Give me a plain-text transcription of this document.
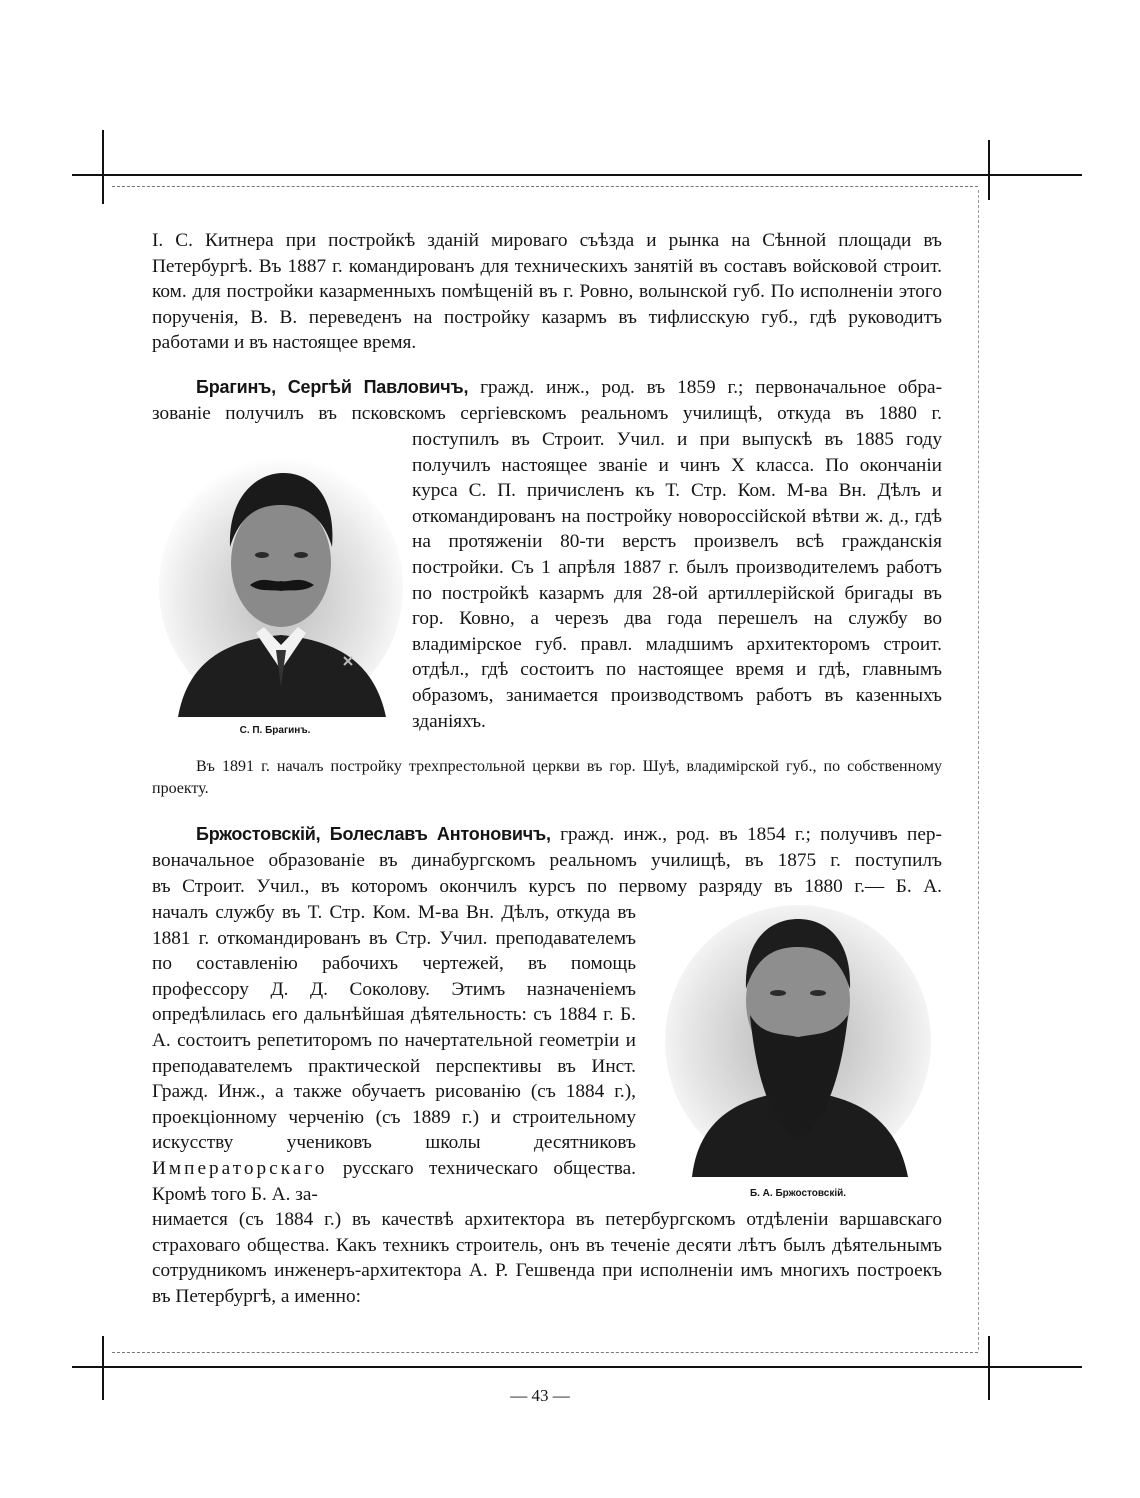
І. С. Китнера при постройкѣ зданій мировaго съѣзда и рынка на Сѣнной площади въ Петербургѣ. Въ 1887 г. командированъ для техническихъ занятій въ составъ войсковой строит. ком. для постройки казарменныхъ помѣщеній въ г. Ровно, волынской губ. По исполненіи этого порученія, В. В. переведенъ на постройку казармъ въ тифлисскую губ., гдѣ руководитъ работами и въ настоящее время.

Брагинъ, Сергѣй Павловичъ, гражд. инж., род. въ 1859 г.; первоначальное обра-
зованіе получилъ въ псковскомъ сергіевскомъ реальномъ училищѣ, откуда въ 1880 г.
С. П. Брагинъ.

поступилъ въ Строит. Учил. и при выпускѣ въ 1885 году получилъ настоящее званіе и чинъ X класса. По окончаніи курса С. П. причисленъ къ Т. Стр. Ком. М-ва Вн. Дѣлъ и откомандированъ на постройку новороссійской вѣтви ж. д., гдѣ на протяженіи 80-ти верстъ произвелъ всѣ гражданскія постройки. Съ 1 апрѣля 1887 г. былъ производителемъ работъ по постройкѣ казармъ для 28-ой артиллерійской бригады въ гор. Ковно, а черезъ два года перешелъ на службу во владимірское губ. правл. младшимъ архитекторомъ строит. отдѣл., гдѣ состоитъ по настоящее время и гдѣ, главнымъ образомъ, занимается производствомъ работъ въ казенныхъ зданіяхъ.

Въ 1891 г. началъ постройку трехпрестольной церкви въ гор. Шуѣ, владимірской губ., по собственному проекту.

Бржостовскій, Болеславъ Антоновичъ, гражд. инж., род. въ 1854 г.; получивъ пер-
воначальное образованіе въ динабургскомъ реальномъ училищѣ, въ 1875 г. поступилъ
въ Строит. Учил., въ которомъ окончилъ курсъ по первому разряду въ 1880 г.— Б. А.

началъ службу въ Т. Стр. Ком. М-ва Вн. Дѣлъ, откуда въ 1881 г. откомандированъ въ Стр. Учил. преподавателемъ по составленію рабочихъ чертежей, въ помощь профессору Д. Д. Соколову. Этимъ назначеніемъ опредѣлилась его дальнѣйшая дѣятельность: съ 1884 г. Б. А. состоитъ репетиторомъ по начертательной геометріи и преподавателемъ практической перспективы въ Инст. Гражд. Инж., а также обучаетъ рисованію (съ 1884 г.), проекціонному черченію (съ 1889 г.) и строительному искусству учениковъ школы десятниковъ Императорскаго русскаго техническаго общества. Кромѣ того Б. А. за-	Б. А. Бржостовскій.

нимается (съ 1884 г.) въ качествѣ архитектора въ петербургскомъ отдѣленіи варшавскаго страховаго общества. Какъ техникъ строитель, онъ въ теченіе десяти лѣтъ былъ дѣятельнымъ сотрудникомъ инженеръ-архитектора А. Р. Гешвенда при исполненіи имъ многихъ построекъ въ Петербургѣ, а именно:

— 43 —
